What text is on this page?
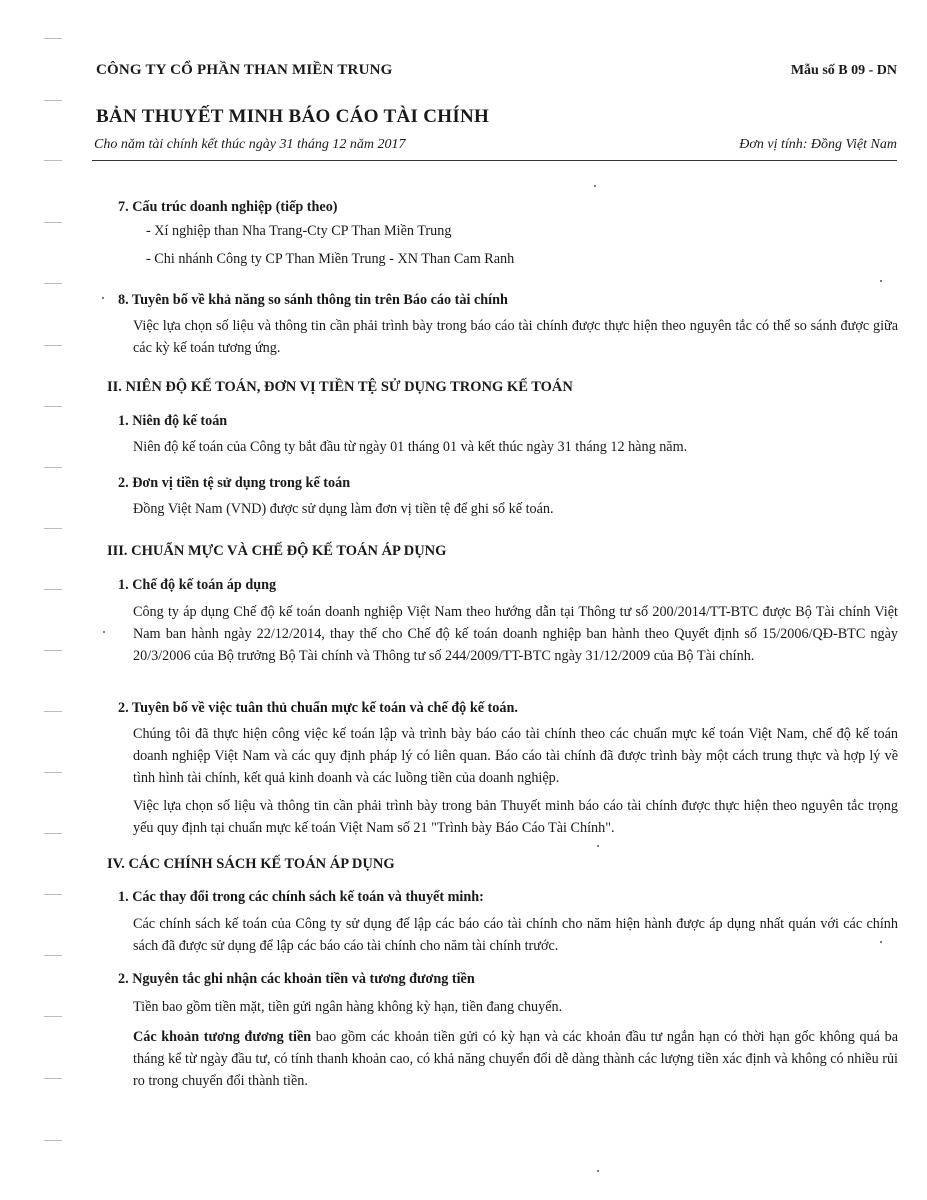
CÔNG TY CỔ PHẦN THAN MIỀN TRUNG	Mẫu số B 09 - DN
BẢN THUYẾT MINH BÁO CÁO TÀI CHÍNH
Cho năm tài chính kết thúc ngày 31 tháng 12 năm 2017	Đơn vị tính: Đồng Việt Nam
7. Cấu trúc doanh nghiệp (tiếp theo)
- Xí nghiệp than Nha Trang-Cty CP Than Miền Trung
- Chi nhánh Công ty CP Than Miền Trung - XN Than Cam Ranh
8. Tuyên bố về khả năng so sánh thông tin trên Báo cáo tài chính
Việc lựa chọn số liệu và thông tin cần phải trình bày trong báo cáo tài chính được thực hiện theo nguyên tắc có thể so sánh được giữa các kỳ kế toán tương ứng.
II. NIÊN ĐỘ KẾ TOÁN, ĐƠN VỊ TIỀN TỆ SỬ DỤNG TRONG KẾ TOÁN
1. Niên độ kế toán
Niên độ kế toán của Công ty bắt đầu từ ngày 01 tháng 01 và kết thúc ngày 31 tháng 12 hàng năm.
2. Đơn vị tiền tệ sử dụng trong kế toán
Đồng Việt Nam (VND) được sử dụng làm đơn vị tiền tệ để ghi sổ kế toán.
III. CHUẨN MỰC VÀ CHẾ ĐỘ KẾ TOÁN ÁP DỤNG
1. Chế độ kế toán áp dụng
Công ty áp dụng Chế độ kế toán doanh nghiệp Việt Nam theo hướng dẫn tại Thông tư số 200/2014/TT-BTC được Bộ Tài chính Việt Nam ban hành ngày 22/12/2014, thay thế cho Chế độ kế toán doanh nghiệp ban hành theo Quyết định số 15/2006/QĐ-BTC ngày 20/3/2006 của Bộ trưởng Bộ Tài chính và Thông tư số 244/2009/TT-BTC ngày 31/12/2009 của Bộ Tài chính.
2. Tuyên bố về việc tuân thủ chuẩn mực kế toán và chế độ kế toán.
Chúng tôi đã thực hiện công việc kế toán lập và trình bày báo cáo tài chính theo các chuẩn mực kế toán Việt Nam, chế độ kế toán doanh nghiệp Việt Nam và các quy định pháp lý có liên quan. Báo cáo tài chính đã được trình bày một cách trung thực và hợp lý về tình hình tài chính, kết quả kinh doanh và các luồng tiền của doanh nghiệp.
Việc lựa chọn số liệu và thông tin cần phải trình bày trong bản Thuyết minh báo cáo tài chính được thực hiện theo nguyên tắc trọng yếu quy định tại chuẩn mực kế toán Việt Nam số 21 "Trình bày Báo Cáo Tài Chính".
IV. CÁC CHÍNH SÁCH KẾ TOÁN ÁP DỤNG
1. Các thay đổi trong các chính sách kế toán và thuyết minh:
Các chính sách kế toán của Công ty sử dụng để lập các báo cáo tài chính cho năm hiện hành được áp dụng nhất quán với các chính sách đã được sử dụng để lập các báo cáo tài chính cho năm tài chính trước.
2. Nguyên tắc ghi nhận các khoản tiền và tương đương tiền
Tiền bao gồm tiền mặt, tiền gửi ngân hàng không kỳ hạn, tiền đang chuyển.
Các khoản tương đương tiền bao gồm các khoản tiền gửi có kỳ hạn và các khoản đầu tư ngắn hạn có thời hạn gốc không quá ba tháng kể từ ngày đầu tư, có tính thanh khoản cao, có khả năng chuyển đổi dễ dàng thành các lượng tiền xác định và không có nhiều rủi ro trong chuyển đổi thành tiền.
